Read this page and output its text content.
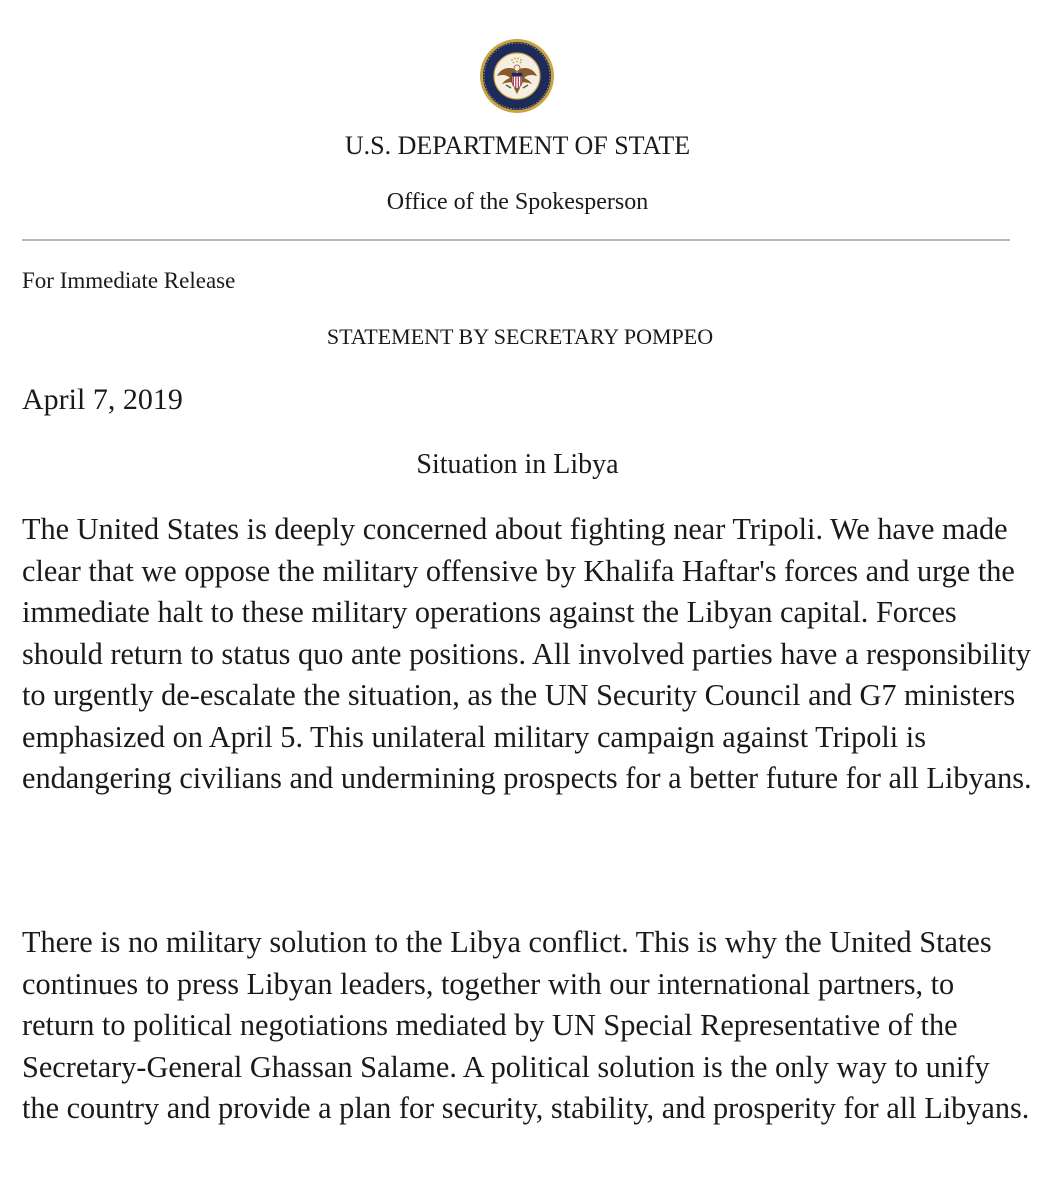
U.S. DEPARTMENT OF STATE
Office of the Spokesperson
For Immediate Release
STATEMENT BY SECRETARY POMPEO
April 7, 2019
Situation in Libya

The United States is deeply concerned about fighting near Tripoli. We have made clear that we oppose the military offensive by Khalifa Haftar's forces and urge the immediate halt to these military operations against the Libyan capital. Forces should return to status quo ante positions. All involved parties have a responsibility to urgently de-escalate the situation, as the UN Security Council and G7 ministers emphasized on April 5. This unilateral military campaign against Tripoli is endangering civilians and undermining prospects for a better future for all Libyans.

There is no military solution to the Libya conflict. This is why the United States continues to press Libyan leaders, together with our international partners, to return to political negotiations mediated by UN Special Representative of the Secretary-General Ghassan Salame. A political solution is the only way to unify the country and provide a plan for security, stability, and prosperity for all Libyans.
